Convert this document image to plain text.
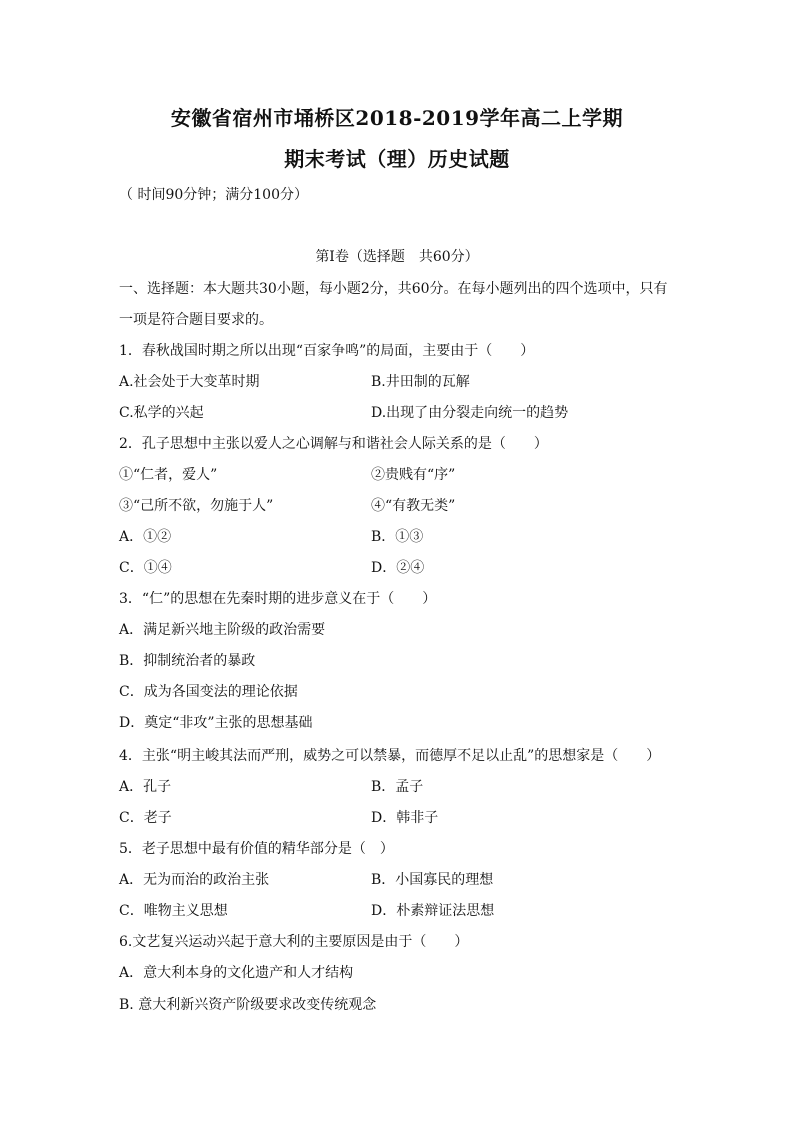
安徽省宿州市埇桥区2018-2019学年高二上学期
期末考试（理）历史试题
（ 时间90分钟；满分100分）
第Ⅰ卷（选择题　共60分）
一、选择题：本大题共30小题，每小题2分，共60分。在每小题列出的四个选项中，只有
一项是符合题目要求的。
1．春秋战国时期之所以出现“百家争鸣”的局面，主要由于（　　）
A.社会处于大变革时期	B.井田制的瓦解
C.私学的兴起	D.出现了由分裂走向统一的趋势
2．孔子思想中主张以爱人之心调解与和谐社会人际关系的是（　　）
①“仁者，爱人”	②贵贱有“序”
③“己所不欲，勿施于人”	④“有教无类”
A．①②	B．①③
C．①④	D．②④
3．“仁”的思想在先秦时期的进步意义在于（　　）
A．满足新兴地主阶级的政治需要
B．抑制统治者的暴政
C．成为各国变法的理论依据
D．奠定“非攻”主张的思想基础
4．主张“明主峻其法而严刑，威势之可以禁暴，而德厚不足以止乱”的思想家是（　　）
A．孔子	B．孟子
C．老子	D．韩非子
5．老子思想中最有价值的精华部分是（　）
A．无为而治的政治主张	B．小国寡民的理想
C．唯物主义思想	D．朴素辩证法思想
6.文艺复兴运动兴起于意大利的主要原因是由于（　　）
A．意大利本身的文化遗产和人才结构
B. 意大利新兴资产阶级要求改变传统观念
